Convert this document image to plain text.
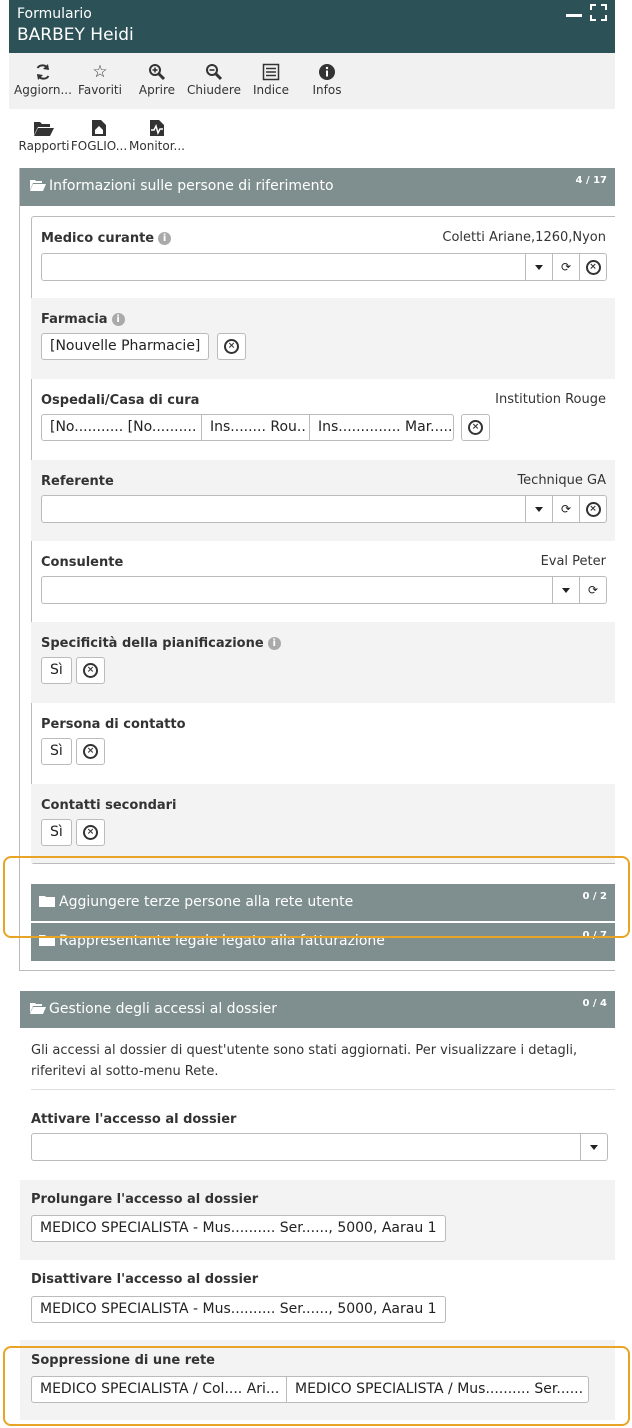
Formulario
BARBEY Heidi
Aggiorn...
☆
Favoriti	Aprire Chiudere Indice	Infos
Rapporti FOGLIO... Monitor...
Informazioni sulle persone di riferimento	4 / 17
Medico curante i	Coletti Ariane,1260,Nyon
⟳	×
Farmacia i
[Nouvelle Pharmacie]	×
Ospedali/Casa di cura	Institution Rouge
[No........... [No.......... Ins........ Rou.. Ins.............. Mar.....	×
Referente	Technique GA
⟳	×
Consulente	Eval Peter
⟳
Specificità della pianificazione i
Sì	×
Persona di contatto
Sì	×
Contatti secondari
Sì	×
Aggiungere terze persone alla rete utente	0 / 2
Rappresentante legale legato alla fatturazione	0 / 7
Gestione degli accessi al dossier	0 / 4
Gli accessi al dossier di quest'utente sono stati aggiornati. Per visualizzare i detagli, riferitevi al sotto-menu Rete.
Attivare l'accesso al dossier
Prolungare l'accesso al dossier
MEDICO SPECIALISTA - Mus.......... Ser......, 5000, Aarau 1
Disattivare l'accesso al dossier
MEDICO SPECIALISTA - Mus.......... Ser......, 5000, Aarau 1
Soppressione di une rete
MEDICO SPECIALISTA / Col.... Ari...	MEDICO SPECIALISTA / Mus.......... Ser......
